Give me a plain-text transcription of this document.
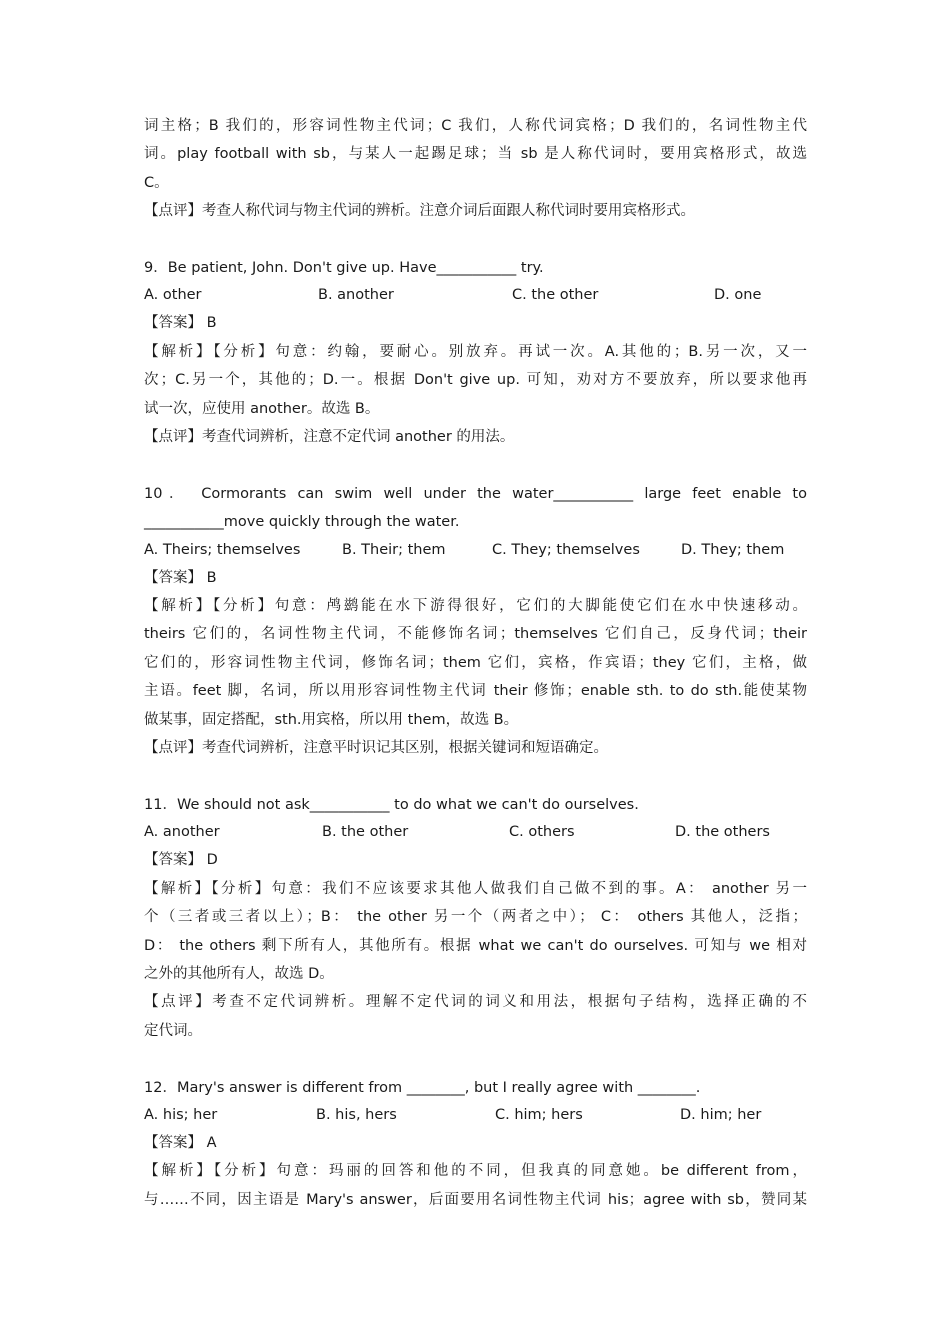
词主格；B 我们的，形容词性物主代词；C 我们，人称代词宾格；D 我们的，名词性物主代

词。play football with sb，与某人一起踢足球；当 sb 是人称代词时，要用宾格形式，故选

C。

【点评】考查人称代词与物主代词的辨析。注意介词后面跟人称代词时要用宾格形式。

9．Be patient, John. Don't give up. Have___________ try.

A. other	B. another	C. the other	D. one

【答案】 B

【解析】【分析】句意：约翰，要耐心。别放弃。再试一次。A.其他的；B.另一次，又一

次；C.另一个，其他的；D.一。根据 Don't give up. 可知，劝对方不要放弃，所以要求他再

试一次，应使用 another。故选 B。

【点评】考查代词辨析，注意不定代词 another 的用法。

10． Cormorants can swim well under the water___________ large feet enable to

___________move quickly through the water.

A. Theirs; themselves	B. Their; them	C. They; themselves	D. They; them

【答案】 B

【解析】【分析】句意：鸬鹚能在水下游得很好，它们的大脚能使它们在水中快速移动。

theirs 它们的，名词性物主代词，不能修饰名词；themselves 它们自己，反身代词；their

它们的，形容词性物主代词，修饰名词；them 它们，宾格，作宾语；they 它们，主格，做

主语。feet 脚，名词，所以用形容词性物主代词 their 修饰；enable sth. to do sth.能使某物

做某事，固定搭配，sth.用宾格，所以用 them，故选 B。

【点评】考查代词辨析，注意平时识记其区别，根据关键词和短语确定。

11．We should not ask___________ to do what we can't do ourselves.

A. another	B. the other	C. others	D. the others

【答案】 D

【解析】【分析】句意：我们不应该要求其他人做我们自己做不到的事。A： another 另一

个（三者或三者以上）；B： the other 另一个（两者之中）； C： others 其他人，泛指；

D： the others 剩下所有人，其他所有。根据 what we can't do ourselves. 可知与 we 相对

之外的其他所有人，故选 D。

【点评】考查不定代词辨析。理解不定代词的词义和用法，根据句子结构，选择正确的不

定代词。

12．Mary's answer is different from ________, but I really agree with ________.

A. his; her	B. his, hers	C. him; hers	D. him; her

【答案】 A

【解析】【分析】句意：玛丽的回答和他的不同，但我真的同意她。be different from，

与……不同，因主语是 Mary's answer，后面要用名词性物主代词 his；agree with sb，赞同某
